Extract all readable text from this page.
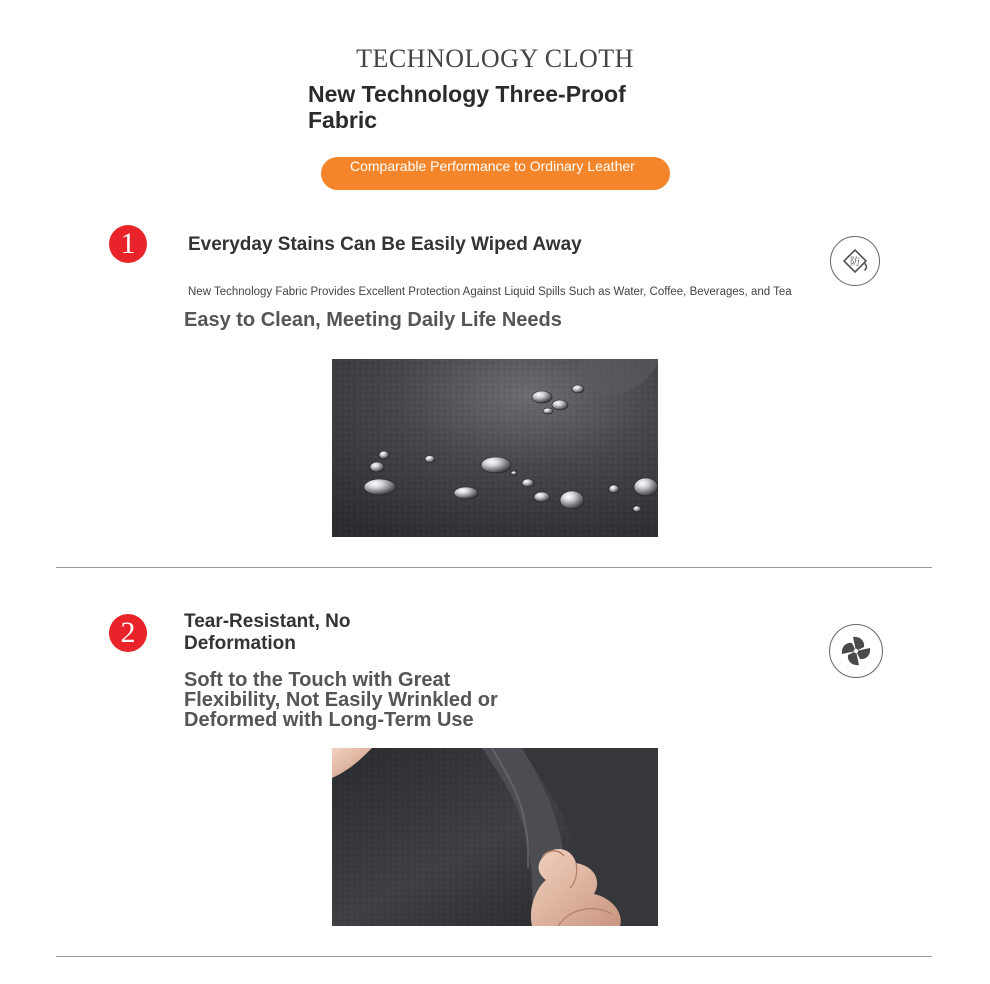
TECHNOLOGY CLOTH
New Technology Three-Proof Fabric
Comparable Performance to Ordinary Leather
1	Everyday Stains Can Be Easily Wiped Away
防
New Technology Fabric Provides Excellent Protection Against Liquid Spills Such as Water, Coffee, Beverages, and Tea
Easy to Clean, Meeting Daily Life Needs
2	Tear-Resistant, No Deformation
Soft to the Touch with Great Flexibility, Not Easily Wrinkled or Deformed with Long-Term Use
